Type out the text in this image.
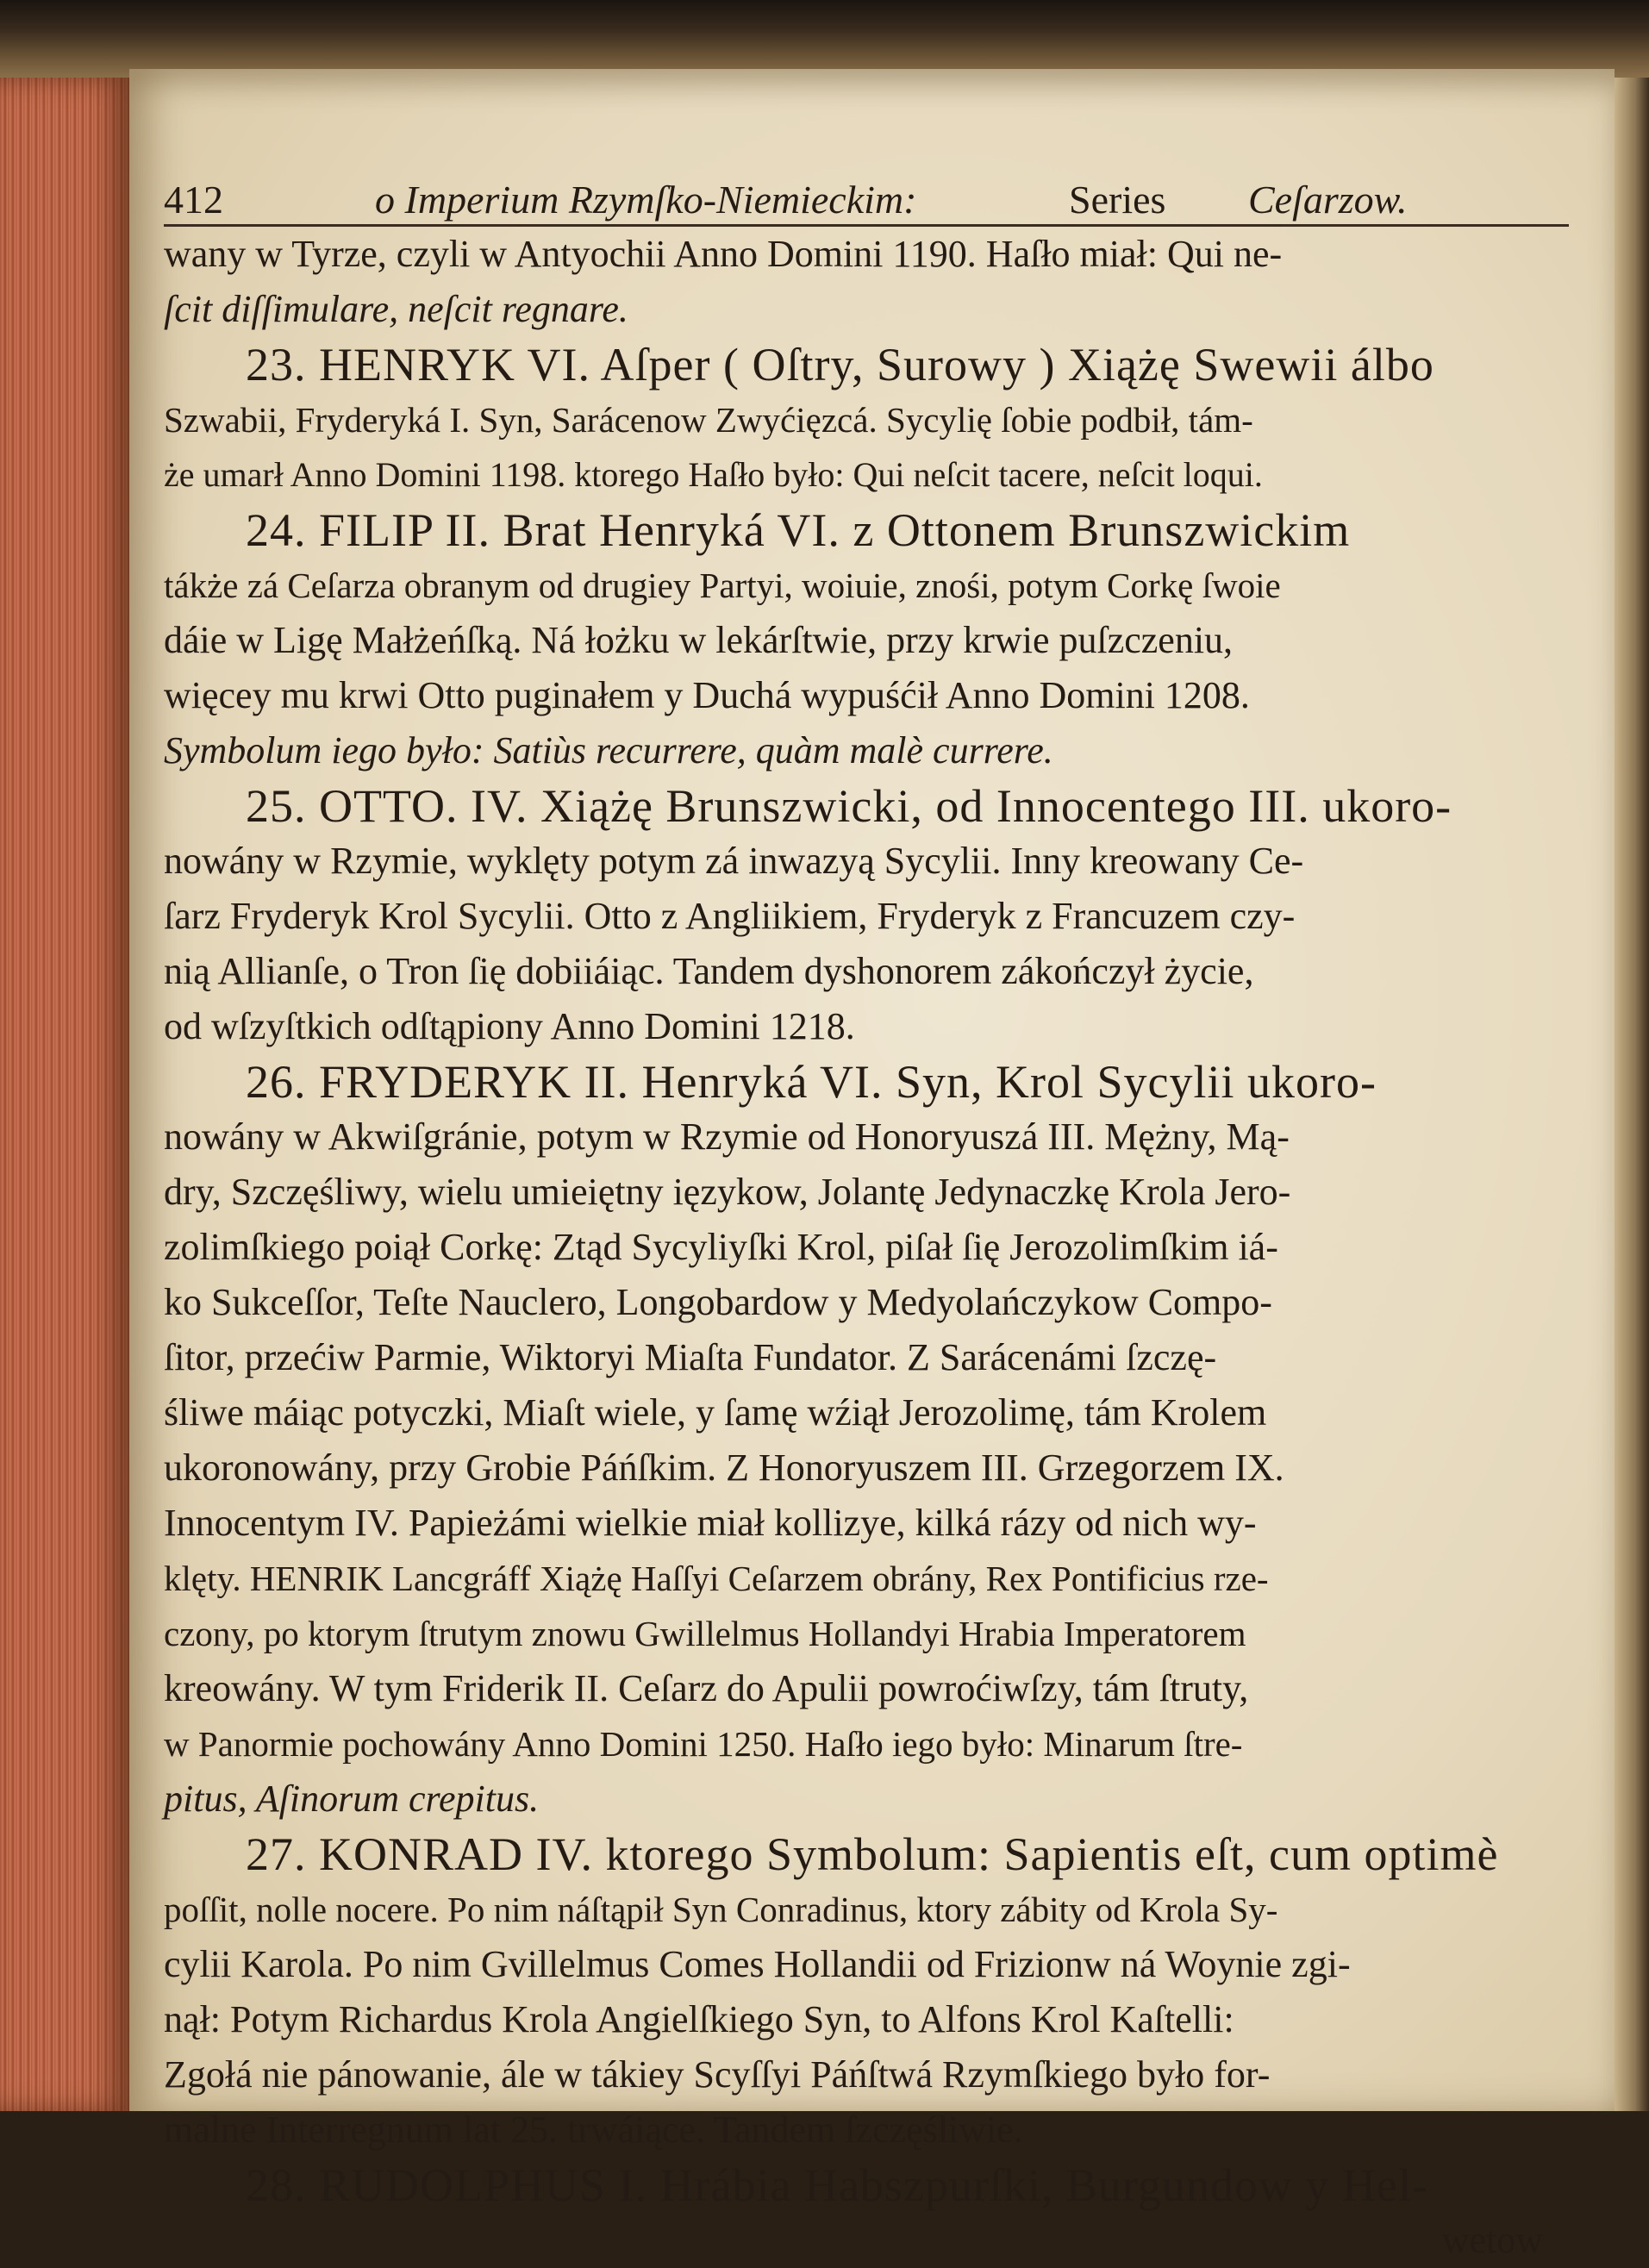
412	o Imperium Rzymſko-Niemieckim:	Series Ceſarzow.
wany w Tyrze, czyli w Antyochii Anno Domini 1190. Haſło miał: Qui ne-
ſcit diſſimulare, neſcit regnare.
23. HENRYK VI. Aſper ( Oſtry, Surowy ) Xiążę Swewii álbo
Szwabii, Fryderyká I. Syn, Sarácenow Zwyćięzcá. Sycylię ſobie podbił, tám-
że umarł Anno Domini 1198. ktorego Haſło było: Qui neſcit tacere, neſcit loqui.
24. FILIP II. Brat Henryká VI. z Ottonem Brunszwickim
tákże zá Ceſarza obranym od drugiey Partyi, woiuie, znośi, potym Corkę ſwoie
dáie w Ligę Małżeńſką. Ná łożku w lekárſtwie, przy krwie puſzczeniu,
więcey mu krwi Otto puginałem y Duchá wypuśćił Anno Domini 1208.
Symbolum iego było: Satiùs recurrere, quàm malè currere.
25. OTTO. IV. Xiążę Brunszwicki, od Innocentego III. ukoro-
nowány w Rzymie, wyklęty potym zá inwazyą Sycylii. Inny kreowany Ce-
ſarz Fryderyk Krol Sycylii. Otto z Angliikiem, Fryderyk z Francuzem czy-
nią Allianſe, o Tron ſię dobiiáiąc. Tandem dyshonorem zákończył życie,
od wſzyſtkich odſtąpiony Anno Domini 1218.
26. FRYDERYK II. Henryká VI. Syn, Krol Sycylii ukoro-
nowány w Akwiſgránie, potym w Rzymie od Honoryuszá III. Mężny, Mą-
dry, Szczęśliwy, wielu umieiętny ięzykow, Jolantę Jedynaczkę Krola Jero-
zolimſkiego poiął Corkę: Ztąd Sycyliyſki Krol, piſał ſię Jerozolimſkim iá-
ko Sukceſſor, Teſte Nauclero, Longobardow y Medyolańczykow Compo-
ſitor, przećiw Parmie, Wiktoryi Miaſta Fundator. Z Sarácenámi ſzczę-
śliwe máiąc potyczki, Miaſt wiele, y ſamę wźiął Jerozolimę, tám Krolem
ukoronowány, przy Grobie Páńſkim. Z Honoryuszem III. Grzegorzem IX.
Innocentym IV. Papieżámi wielkie miał kollizye, kilká rázy od nich wy-
klęty. HENRIK Lancgráff Xiążę Haſſyi Ceſarzem obrány, Rex Pontificius rze-
czony, po ktorym ſtrutym znowu Gwillelmus Hollandyi Hrabia Imperatorem
kreowány. W tym Friderik II. Ceſarz do Apulii powroćiwſzy, tám ſtruty,
w Panormie pochowány Anno Domini 1250. Haſło iego było: Minarum ſtre-
pitus, Aſinorum crepitus.
27. KONRAD IV. ktorego Symbolum: Sapientis eſt, cum optimè
poſſit, nolle nocere. Po nim náſtąpił Syn Conradinus, ktory zábity od Krola Sy-
cylii Karola. Po nim Gvillelmus Comes Hollandii od Frizionw ná Woynie zgi-
nął: Potym Richardus Krola Angielſkiego Syn, to Alfons Krol Kaſtelli:
Zgołá nie pánowanie, ále w tákiey Scyſſyi Páńſtwá Rzymſkiego było for-
malne Interregnum lat 25. trwáiące. Tandem ſzczęśliwie.
28. RUDOLPHUS I. Hrábia Habszpurſki, Burgundow y Hel-
wetow
